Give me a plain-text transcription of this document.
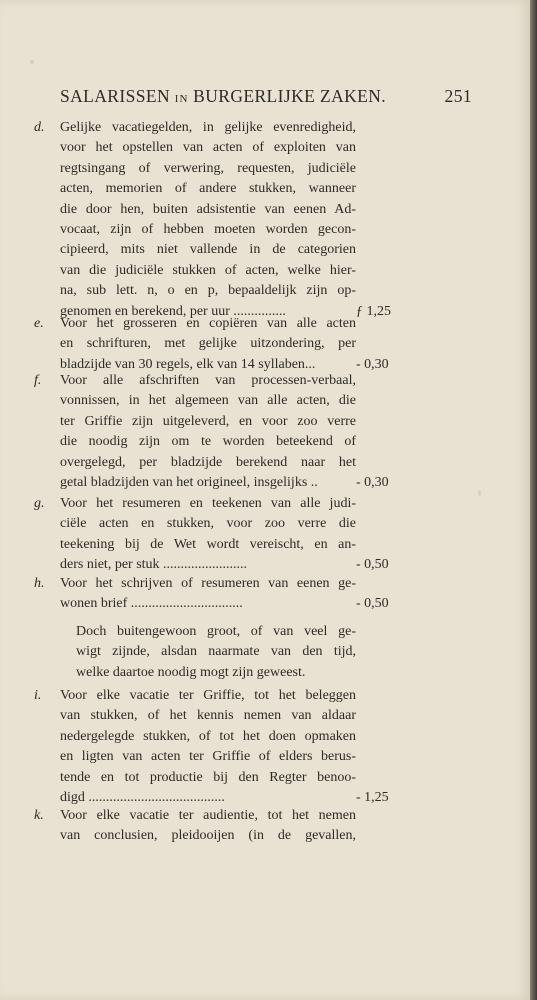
SALARISSEN IN BURGERLIJKE ZAKEN.	251
d.	Gelijke vacatiegelden, in gelijke evenredigheid,
voor het opstellen van acten of exploiten van
regtsingang of verwering, requesten, judiciële
acten, memorien of andere stukken, wanneer
die door hen, buiten adsistentie van eenen Ad-
vocaat, zijn of hebben moeten worden gecon-
cipieerd, mits niet vallende in de categorien
van die judiciële stukken of acten, welke hier-
na, sub lett. n, o en p, bepaaldelijk zijn op-
genomen en berekend, per uur ...............	ƒ 1,25
e.	Voor het grosseren en copiëren van alle acten
en schrifturen, met gelijke uitzondering, per
bladzijde van 30 regels, elk van 14 syllaben...	- 0,30
f.	Voor alle afschriften van processen-verbaal,
vonnissen, in het algemeen van alle acten, die
ter Griffie zijn uitgeleverd, en voor zoo verre
die noodig zijn om te worden beteekend of
overgelegd, per bladzijde berekend naar het
getal bladzijden van het origineel, insgelijks ..	- 0,30
g.	Voor het resumeren en teekenen van alle judi-
ciële acten en stukken, voor zoo verre die
teekening bij de Wet wordt vereischt, en an-
ders niet, per stuk ........................	- 0,50
h.	Voor het schrijven of resumeren van eenen ge-
wonen brief ................................	- 0,50
Doch buitengewoon groot, of van veel ge-
wigt zijnde, alsdan naarmate van den tijd,
welke daartoe noodig mogt zijn geweest.
i.	Voor elke vacatie ter Griffie, tot het beleggen
van stukken, of het kennis nemen van aldaar
nedergelegde stukken, of tot het doen opmaken
en ligten van acten ter Griffie of elders berus-
tende en tot productie bij den Regter benoo-
digd .......................................	- 1,25
k.	Voor elke vacatie ter audientie, tot het nemen
van conclusien, pleidooijen (in de gevallen,
